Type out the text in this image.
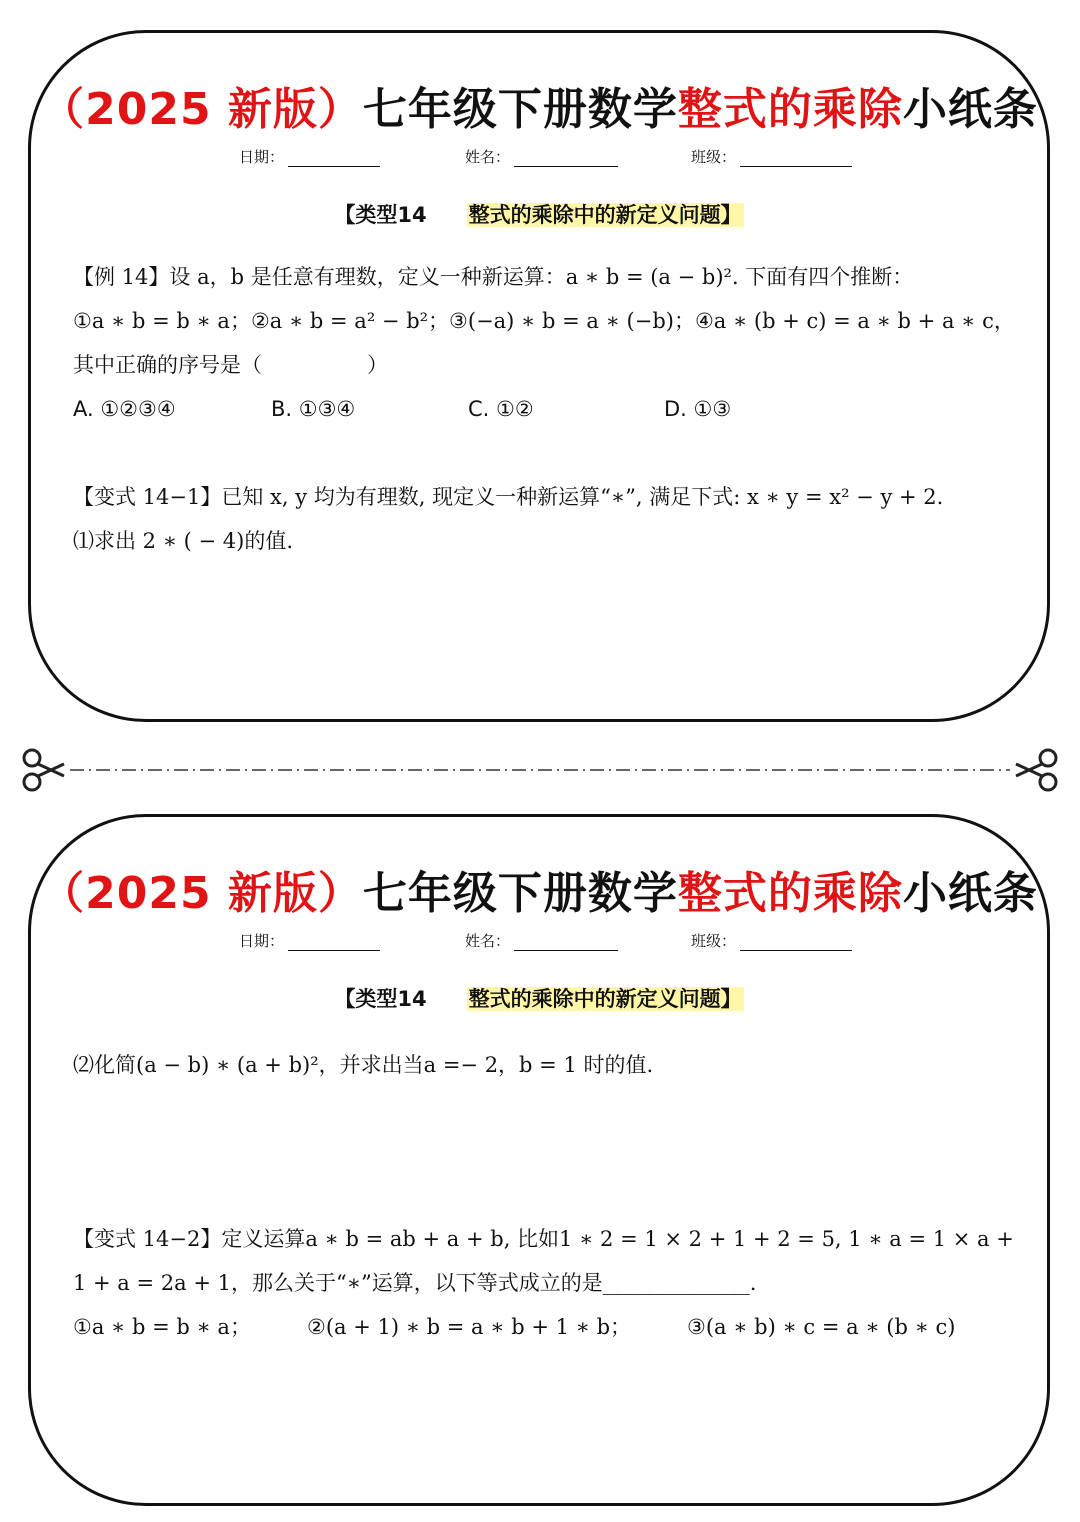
（2025 新版）七年级下册数学整式的乘除小纸条
日期：	姓名：	班级：
【类型14 整式的乘除中的新定义问题】
【例 14】设 a，b 是任意有理数，定义一种新运算：a ∗ b = (a − b)². 下面有四个推断：
①a ∗ b = b ∗ a；②a ∗ b = a² − b²；③(−a) ∗ b = a ∗ (−b)；④a ∗ (b + c) = a ∗ b + a ∗ c，
其中正确的序号是（　　　　　）
A. ①②③④	B. ①③④	C. ①②	D. ①③
【变式 14−1】已知 x, y 均为有理数, 现定义一种新运算“∗”, 满足下式: x ∗ y = x² − y + 2.
⑴求出 2 ∗ ( − 4)的值.
（2025 新版）七年级下册数学整式的乘除小纸条
日期：	姓名：	班级：
【类型14 整式的乘除中的新定义问题】
⑵化简(a − b) ∗ (a + b)²，并求出当a =− 2，b = 1 时的值.
【变式 14−2】定义运算a ∗ b = ab + a + b, 比如1 ∗ 2 = 1 × 2 + 1 + 2 = 5, 1 ∗ a = 1 × a +
1 + a = 2a + 1，那么关于“∗”运算，以下等式成立的是______________.
①a ∗ b = b ∗ a；	②(a + 1) ∗ b = a ∗ b + 1 ∗ b；	③(a ∗ b) ∗ c = a ∗ (b ∗ c)
